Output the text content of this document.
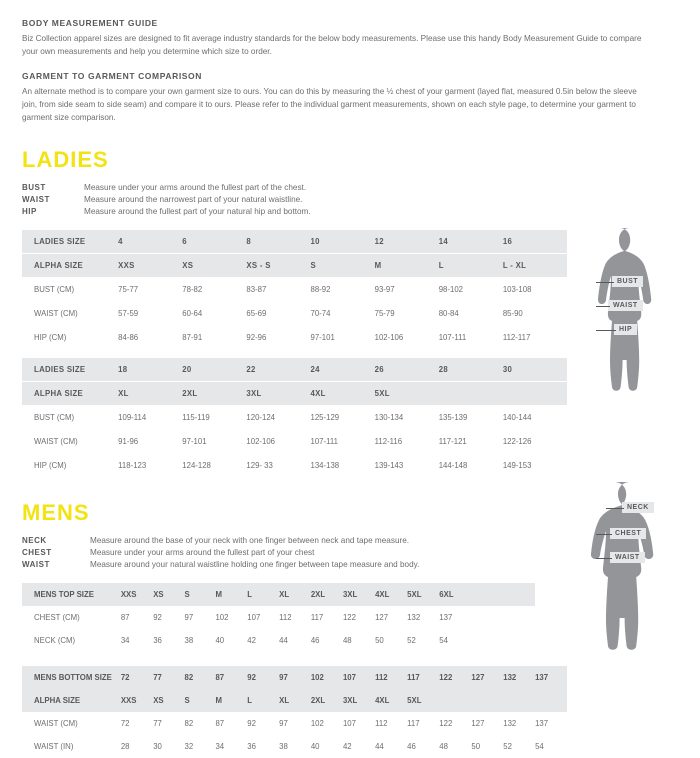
BODY MEASUREMENT GUIDE
Biz Collection apparel sizes are designed to fit average industry standards for the below body measurements. Please use this handy Body Measurement Guide to compare your own measurements and help you determine which size to order.
GARMENT TO GARMENT COMPARISON
An alternate method is to compare your own garment size to ours. You can do this by measuring the ½ chest of your garment (layed flat, measured 0.5in below the sleeve join, from side seam to side seam) and compare it to ours. Please refer to the individual garment measurements, shown on each style page, to determine your garment to garment size comparison.
LADIES
BUST	Measure under your arms around the fullest part of the chest.
WAIST	Measure around the narrowest part of your natural waistline.
HIP	Measure around the fullest part of your natural hip and bottom.
LADIES SIZE	4	6	8	10	12	14	16
ALPHA SIZE	XXS	XS	XS - S	S	M	L	L - XL
BUST (CM)	75-77	78-82	83-87	88-92	93-97	98-102	103-108
WAIST (CM)	57-59	60-64	65-69	70-74	75-79	80-84	85-90
HIP (CM)	84-86	87-91	92-96	97-101	102-106	107-111	112-117

LADIES SIZE	18	20	22	24	26	28	30
ALPHA SIZE	XL	2XL	3XL	4XL	5XL		
BUST (CM)	109-114	115-119	120-124	125-129	130-134	135-139	140-144
WAIST (CM)	91-96	97-101	102-106	107-111	112-116	117-121	122-126
HIP (CM)	118-123	124-128	129- 33	134-138	139-143	144-148	149-153
MENS
NECK	Measure around the base of your neck with one finger between neck and tape measure.
CHEST	Measure under your arms around the fullest part of your chest
WAIST	Measure around your natural waistline holding one finger between tape measure and body.
MENS TOP SIZE	XXS	XS	S	M	L	XL	2XL	3XL	4XL	5XL	6XL			
CHEST (CM)	87	92	97	102	107	112	117	122	127	132	137			
NECK (CM)	34	36	38	40	42	44	46	48	50	52	54			

MENS BOTTOM SIZE	72	77	82	87	92	97	102	107	112	117	122	127	132	137
ALPHA SIZE	XXS	XS	S	M	L	XL	2XL	3XL	4XL	5XL				
WAIST (CM)	72	77	82	87	92	97	102	107	112	117	122	127	132	137
WAIST (IN)	28	30	32	34	36	38	40	42	44	46	48	50	52	54
BUST
WAIST
HIP
NECK
CHEST
WAIST
